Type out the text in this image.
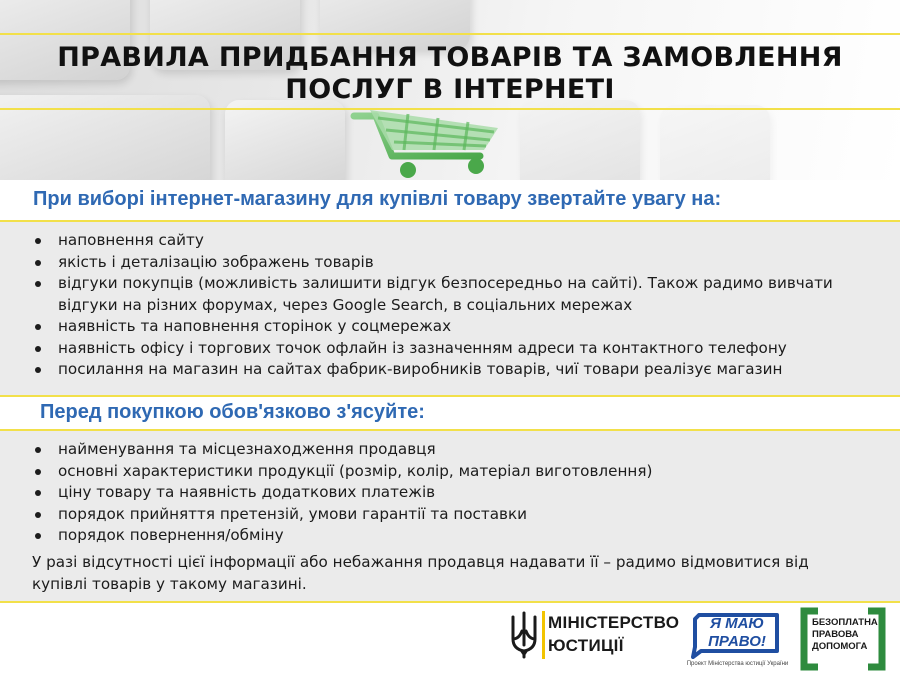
ПРАВИЛА ПРИДБАННЯ ТОВАРІВ ТА ЗАМОВЛЕННЯ
ПОСЛУГ В ІНТЕРНЕТІ
При виборі інтернет-магазину для купівлі товару звертайте увагу на:
наповнення сайту
якість і деталізацію зображень товарів
відгуки покупців (можливість залишити відгук безпосередньо на сайті). Також радимо вивчати відгуки на різних форумах, через Google Search, в соціальних мережах
наявність та наповнення сторінок у соцмережах
наявність офісу і торгових точок офлайн із зазначенням адреси та контактного телефону
посилання на магазин на сайтах фабрик-виробників товарів, чиї товари реалізує магазин
Перед покупкою обов'язково з'ясуйте:
найменування та місцезнаходження продавця
основні характеристики продукції (розмір, колір, матеріал виготовлення)
ціну товару та наявність додаткових платежів
порядок прийняття претензій, умови гарантії та поставки
порядок повернення/обміну
У разі відсутності цієї інформації або небажання продавця надавати її – радимо відмовитися від купівлі товарів у такому магазині.
МІНІСТЕРСТВО
ЮСТИЦІЇ
Я МАЮ
ПРАВО!
Проект Міністерства юстиції України
БЕЗОПЛАТНА
ПРАВОВА
ДОПОМОГА
